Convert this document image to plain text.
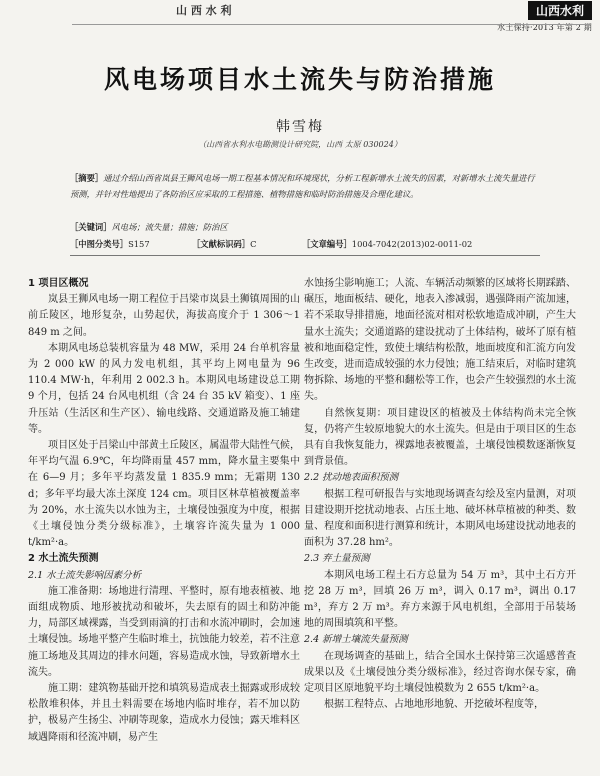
山 西 水 利	山西水利
水土保持·2013 年第 2 期
风电场项目水土流失与防治措施
韩雪梅
（山西省水利水电勘测设计研究院，山西 太原 030024）
［摘要］通过介绍山西省岚县王狮风电场一期工程基本情况和环境现状，分析工程新增水土流失的因素，对新增水土流失量进行预测，并针对性地提出了各防治区应采取的工程措施、植物措施和临时防治措施及合理化建议。
［关键词］风电场；流失量；措施；防治区
［中图分类号］S157	［文献标识码］C	［文章编号］1004-7042(2013)02-0011-02
1 项目区概况

岚县王狮风电场一期工程位于吕梁市岚县土狮镇周围的山前丘陵区，地形复杂，山势起伏，海拔高度介于 1 306～1 849 m 之间。

本期风电场总装机容量为 48 MW，采用 24 台单机容量为 2 000 kW 的风力发电机组，其平均上网电量为 96 110.4 MW·h，年利用 2 002.3 h。本期风电场建设总工期 9 个月，包括 24 台风电机组（含 24 台 35 kV 箱变）、1 座升压站（生活区和生产区）、输电线路、交通道路及施工辅建等。

项目区处于吕梁山中部黄土丘陵区，属温带大陆性气候，年平均气温 6.9℃，年均降雨量 457 mm，降水量主要集中在 6—9 月；多年平均蒸发量 1 835.9 mm；无霜期 130 d；多年平均最大冻土深度 124 cm。项目区林草植被覆盖率为 20%，水土流失以水蚀为主，土壤侵蚀强度为中度，根据《土壤侵蚀分类分级标准》，土壤容许流失量为 1 000 t/km²·a。

2 水土流失预测
2.1 水土流失影响因素分析

施工准备期：场地进行清理、平整时，原有地表植被、地面组成物质、地形被扰动和破坏，失去原有的固土和防冲能力，局部区域裸露，当受到雨滴的打击和水流冲刷时，会加速土壤侵蚀。场地平整产生临时堆土，抗蚀能力较差，若不注意施工场地及其周边的排水问题，容易造成水蚀，导致新增水土流失。

施工期：建筑物基础开挖和填筑易造成表土掘露或形成较松散堆积体，并且土料需要在场地内临时堆存，若不加以防护，极易产生扬尘、冲刷等现象，造成水力侵蚀；露天堆料区域遇降雨和径流冲刷，易产生

水蚀扬尘影响施工；人流、车辆活动频繁的区域将长期踩踏、碾压，地面板结、硬化，地表入渗减弱，遇强降雨产流加速，若不采取导排措施，地面径流对相对松软地造成冲刷，产生大量水土流失；交通道路的建设扰动了土体结构，破坏了原有植被和地面稳定性，致使土壤结构松散，地面坡度和汇流方向发生改变，进而造成较强的水力侵蚀；施工结束后，对临时建筑物拆除、场地的平整和翻松等工作，也会产生较强烈的水土流失。

自然恢复期：项目建设区的植被及土体结构尚未完全恢复，仍将产生较原地貌大的水土流失。但是由于项目区的生态具有自我恢复能力，裸露地表被覆盖，土壤侵蚀模数逐渐恢复到背景值。

2.2 扰动地表面积预测

根据工程可研报告与实地现场调查勾绘及室内量测，对项目建设期开挖扰动地表、占压土地、破坏林草植被的种类、数量、程度和面积进行测算和统计，本期风电场建设扰动地表的面积为 37.28 hm²。

2.3 弃土量预测

本期风电场工程土石方总量为 54 万 m³，其中土石方开挖 28 万 m³，回填 26 万 m³，调入 0.17 m³，调出 0.17 m³，弃方 2 万 m³。弃方来源于风电机组，全部用于吊装场地的周围填筑和平整。

2.4 新增土壤流失量预测

在现场调查的基础上，结合全国水土保持第三次遥感普查成果以及《土壤侵蚀分类分级标准》，经过咨询水保专家，确定项目区原地貌平均土壤侵蚀模数为 2 655 t/km²·a。

根据工程特点、占地地形地貌、开挖破坏程度等，
